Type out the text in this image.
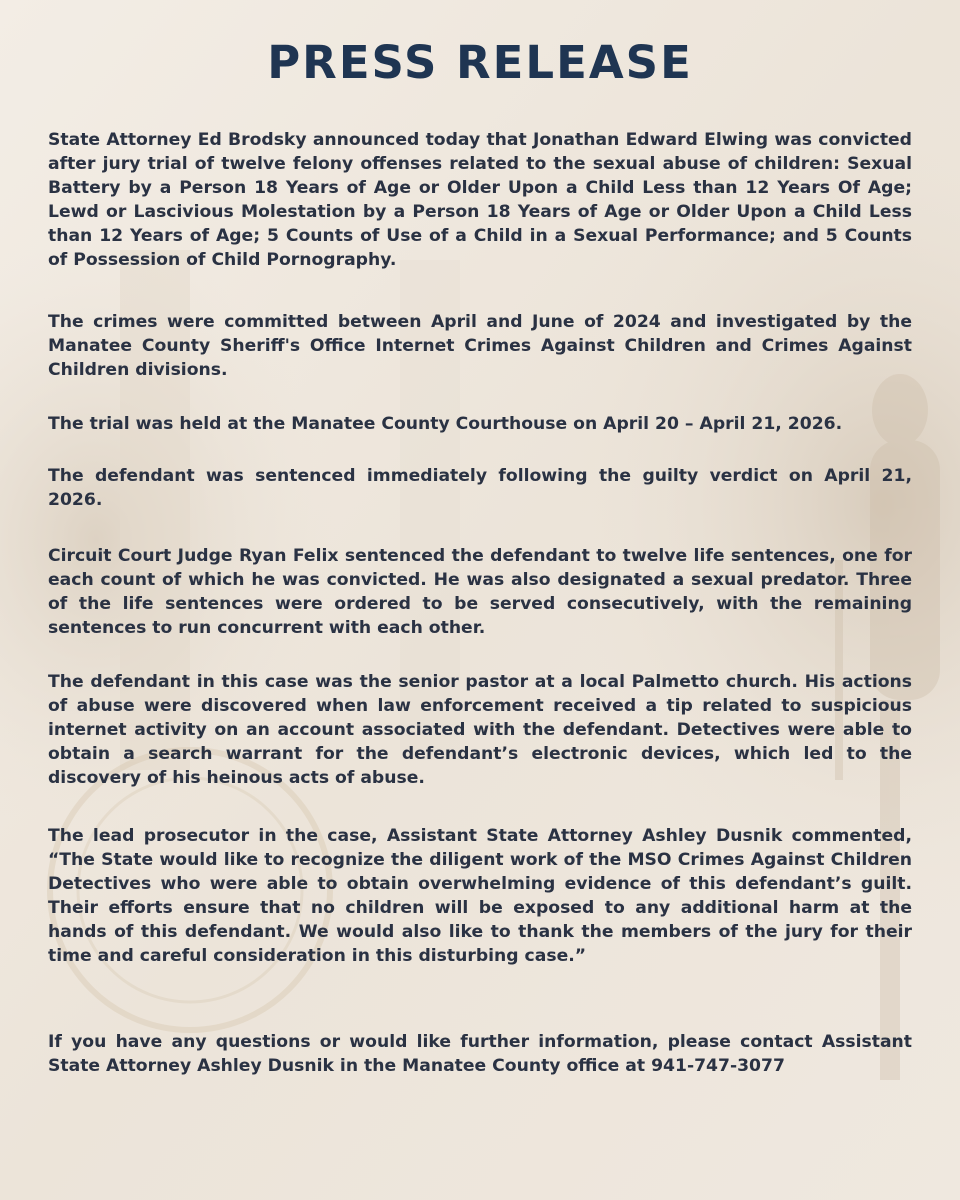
PRESS RELEASE

State Attorney Ed Brodsky announced today that Jonathan Edward Elwing was convicted after jury trial of twelve felony offenses related to the sexual abuse of children: Sexual Battery by a Person 18 Years of Age or Older Upon a Child Less than 12 Years Of Age; Lewd or Lascivious Molestation by a Person 18 Years of Age or Older Upon a Child Less than 12 Years of Age; 5 Counts of Use of a Child in a Sexual Performance; and 5 Counts of Possession of Child Pornography.

The crimes were committed between April and June of 2024 and investigated by the Manatee County Sheriff's Office Internet Crimes Against Children and Crimes Against Children divisions.

The trial was held at the Manatee County Courthouse on April 20 – April 21, 2026.

The defendant was sentenced immediately following the guilty verdict on April 21, 2026.

Circuit Court Judge Ryan Felix sentenced the defendant to twelve life sentences, one for each count of which he was convicted. He was also designated a sexual predator. Three of the life sentences were ordered to be served consecutively, with the remaining sentences to run concurrent with each other.

The defendant in this case was the senior pastor at a local Palmetto church. His actions of abuse were discovered when law enforcement received a tip related to suspicious internet activity on an account associated with the defendant. Detectives were able to obtain a search warrant for the defendant’s electronic devices, which led to the discovery of his heinous acts of abuse.

The lead prosecutor in the case, Assistant State Attorney Ashley Dusnik commented, “The State would like to recognize the diligent work of the MSO Crimes Against Children Detectives who were able to obtain overwhelming evidence of this defendant’s guilt. Their efforts ensure that no children will be exposed to any additional harm at the hands of this defendant. We would also like to thank the members of the jury for their time and careful consideration in this disturbing case.”

If you have any questions or would like further information, please contact Assistant State Attorney Ashley Dusnik in the Manatee County office at 941-747-3077
